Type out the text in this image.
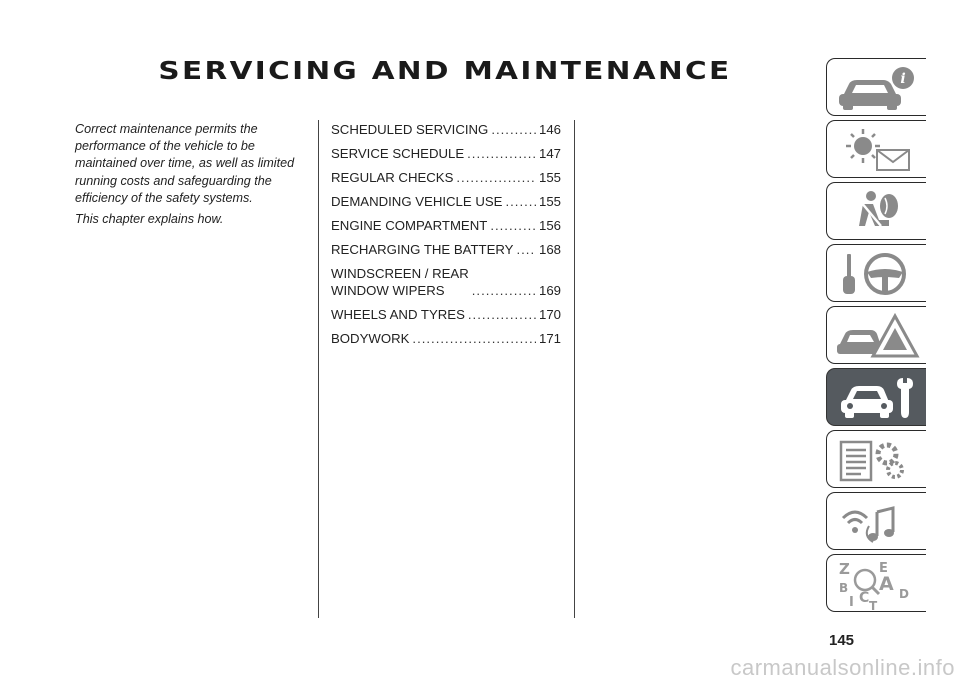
SERVICING AND MAINTENANCE

Correct maintenance permits the performance of the vehicle to be maintained over time, as well as limited running costs and safeguarding the efficiency of the safety systems.

This chapter explains how.

SCHEDULED SERVICING .....	146
SERVICE SCHEDULE .....	147
REGULAR CHECKS .....	155
DEMANDING VEHICLE USE .....	155
ENGINE COMPARTMENT .....	156
RECHARGING THE BATTERY ..... 168
WINDSCREEN / REAR
WINDOW WIPERS .....	169
WHEELS AND TYRES .....	170
BODYWORK .....	171
i
Z E
A
B	D
I C T
145
carmanualsonline.info
